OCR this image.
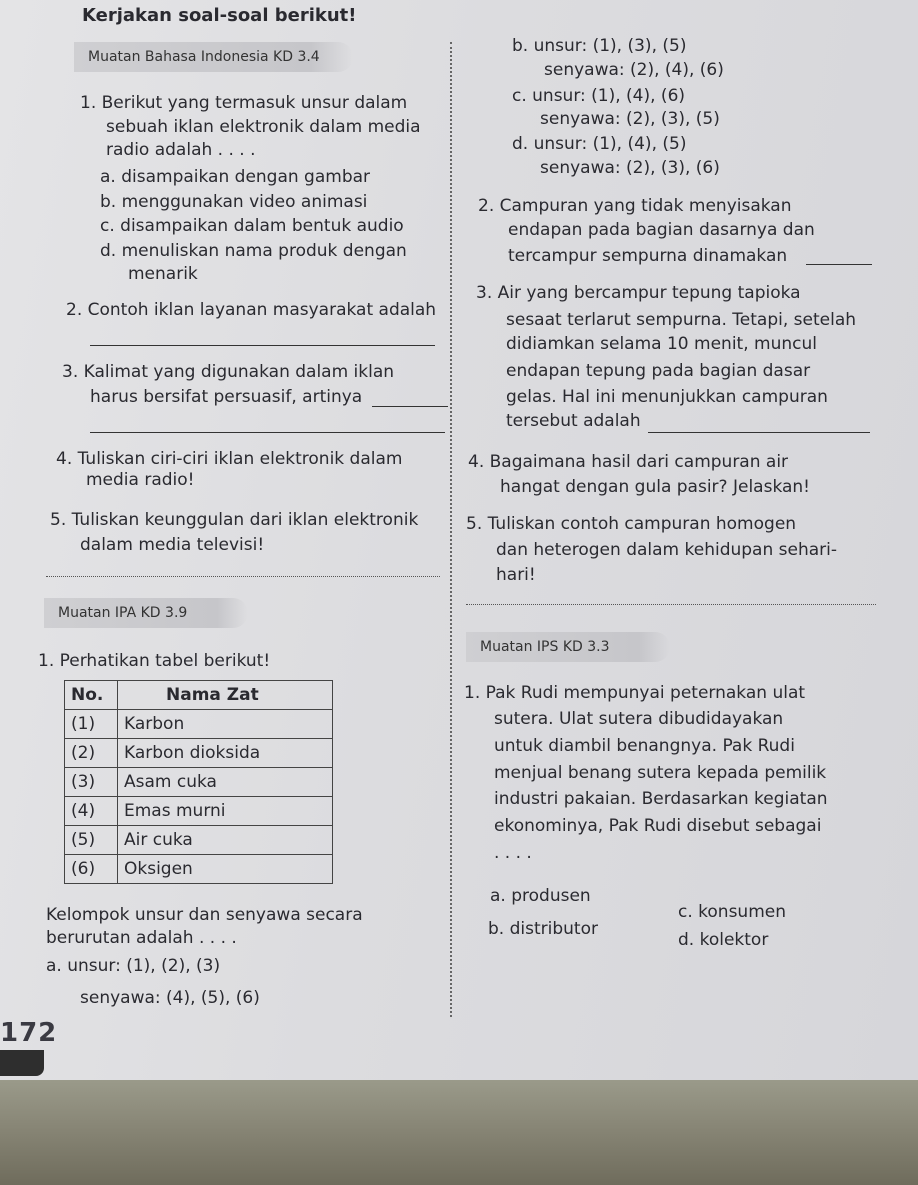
Kerjakan soal-soal berikut!
Muatan Bahasa Indonesia KD 3.4
1. Berikut yang termasuk unsur dalam
sebuah iklan elektronik dalam media
radio adalah . . . .
a. disampaikan dengan gambar
b. menggunakan video animasi
c. disampaikan dalam bentuk audio
d. menuliskan nama produk dengan
menarik
2. Contoh iklan layanan masyarakat adalah
3. Kalimat yang digunakan dalam iklan
harus bersifat persuasif, artinya
4. Tuliskan ciri-ciri iklan elektronik dalam
media radio!
5. Tuliskan keunggulan dari iklan elektronik
dalam media televisi!
Muatan IPA KD 3.9
1. Perhatikan tabel berikut!
No.	Nama Zat
(1)	Karbon
(2)	Karbon dioksida
(3)	Asam cuka
(4)	Emas murni
(5)	Air cuka
(6)	Oksigen
Kelompok unsur dan senyawa secara
berurutan adalah . . . .
a. unsur: (1), (2), (3)
senyawa: (4), (5), (6)
b. unsur: (1), (3), (5)
senyawa: (2), (4), (6)
c. unsur: (1), (4), (6)
senyawa: (2), (3), (5)
d. unsur: (1), (4), (5)
senyawa: (2), (3), (6)
2. Campuran yang tidak menyisakan
endapan pada bagian dasarnya dan
tercampur sempurna dinamakan
3. Air yang bercampur tepung tapioka
sesaat terlarut sempurna. Tetapi, setelah
didiamkan selama 10 menit, muncul
endapan tepung pada bagian dasar
gelas. Hal ini menunjukkan campuran
tersebut adalah
4. Bagaimana hasil dari campuran air
hangat dengan gula pasir? Jelaskan!
5. Tuliskan contoh campuran homogen
dan heterogen dalam kehidupan sehari-
hari!
Muatan IPS KD 3.3
1. Pak Rudi mempunyai peternakan ulat
sutera. Ulat sutera dibudidayakan
untuk diambil benangnya. Pak Rudi
menjual benang sutera kepada pemilik
industri pakaian. Berdasarkan kegiatan
ekonominya, Pak Rudi disebut sebagai
. . . .
a. produsen
c. konsumen
b. distributor
d. kolektor
172
